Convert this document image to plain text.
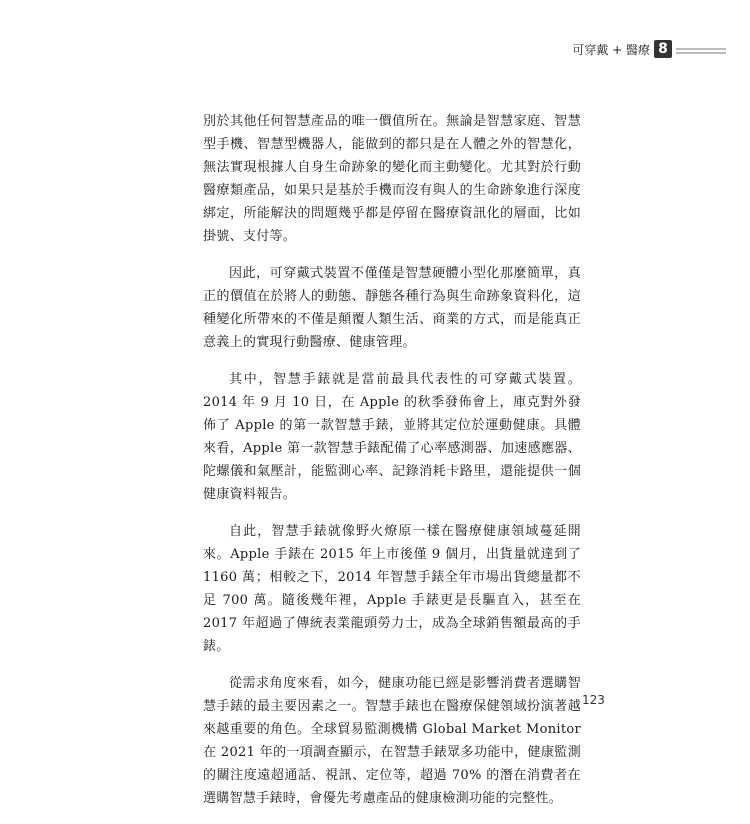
可穿戴 + 醫療 8

別於其他任何智慧產品的唯一價值所在。無論是智慧家庭、智慧型手機、智慧型機器人，能做到的都只是在人體之外的智慧化，無法實現根據人自身生命跡象的變化而主動變化。尤其對於行動醫療類產品，如果只是基於手機而沒有與人的生命跡象進行深度綁定，所能解決的問題幾乎都是停留在醫療資訊化的層面，比如掛號、支付等。

因此，可穿戴式裝置不僅僅是智慧硬體小型化那麼簡單，真正的價值在於將人的動態、靜態各種行為與生命跡象資料化，這種變化所帶來的不僅是顛覆人類生活、商業的方式，而是能真正意義上的實現行動醫療、健康管理。

其中，智慧手錶就是當前最具代表性的可穿戴式裝置。2014 年 9 月 10 日，在 Apple 的秋季發佈會上，庫克對外發佈了 Apple 的第一款智慧手錶，並將其定位於運動健康。具體來看，Apple 第一款智慧手錶配備了心率感測器、加速感應器、陀螺儀和氣壓計，能監測心率、記錄消耗卡路里，還能提供一個健康資料報告。

自此，智慧手錶就像野火燎原一樣在醫療健康領域蔓延開來。Apple 手錶在 2015 年上市後僅 9 個月，出貨量就達到了 1160 萬；相較之下，2014 年智慧手錶全年市場出貨總量都不足 700 萬。隨後幾年裡，Apple 手錶更是長驅直入，甚至在 2017 年超過了傳統表業龍頭勞力士，成為全球銷售額最高的手錶。

從需求角度來看，如今，健康功能已經是影響消費者選購智慧手錶的最主要因素之一。智慧手錶也在醫療保健領域扮演著越來越重要的角色。全球貿易監測機構 Global Market Monitor 在 2021 年的一項調查顯示，在智慧手錶眾多功能中，健康監測的關注度遠超通話、視訊、定位等，超過 70% 的潛在消費者在選購智慧手錶時，會優先考慮產品的健康檢測功能的完整性。

123
